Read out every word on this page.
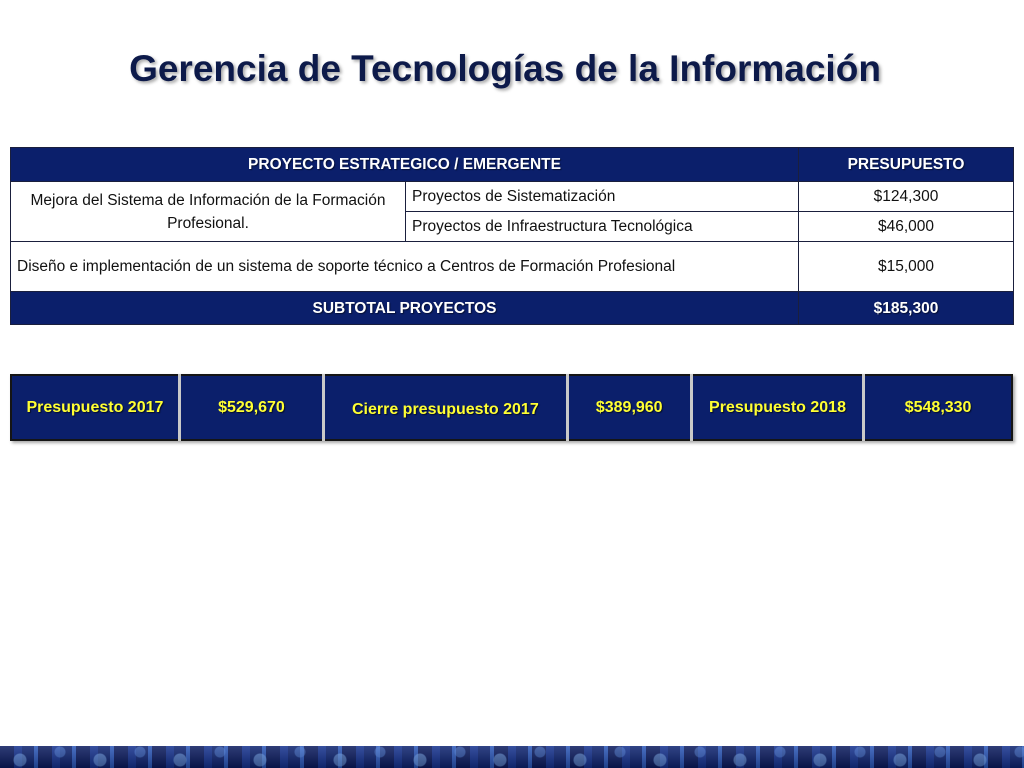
Gerencia de Tecnologías de la Información
PROYECTO ESTRATEGICO / EMERGENTE		PRESUPUESTO
Mejora del Sistema de Información de la Formación Profesional.	Proyectos de Sistematización	$124,300
	Proyectos de Infraestructura Tecnológica	$46,000
Diseño e implementación de un sistema de soporte técnico a Centros de Formación Profesional		$15,000
SUBTOTAL PROYECTOS		$185,300
Presupuesto 2017	$529,670	Cierre presupuesto 2017	$389,960	Presupuesto 2018	$548,330
